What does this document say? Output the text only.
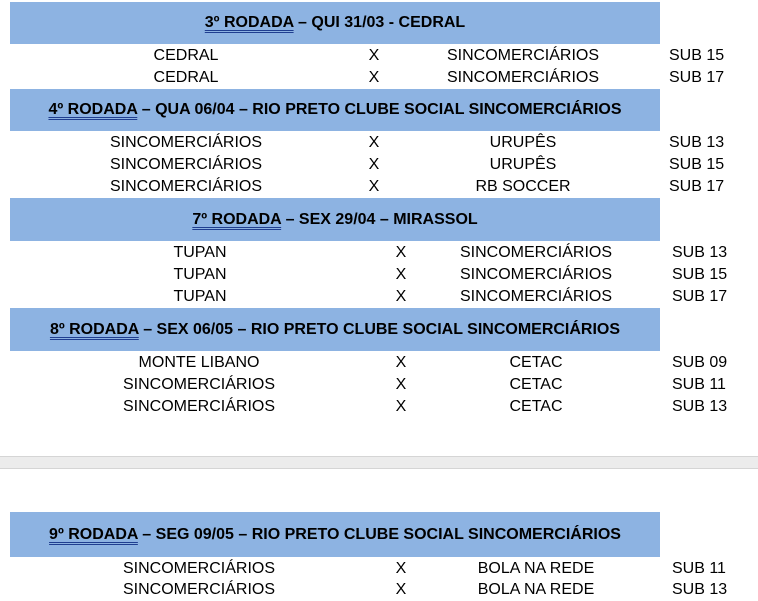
3º RODADA – QUI 31/03 - CEDRAL
CEDRAL	X	SINCOMERCIÁRIOS	SUB 15
CEDRAL	X	SINCOMERCIÁRIOS	SUB 17
4º RODADA – QUA 06/04 – RIO PRETO CLUBE SOCIAL SINCOMERCIÁRIOS
SINCOMERCIÁRIOS	X	URUPÊS	SUB 13
SINCOMERCIÁRIOS	X	URUPÊS	SUB 15
SINCOMERCIÁRIOS	X	RB SOCCER	SUB 17
7º RODADA – SEX 29/04 – MIRASSOL
TUPAN	X	SINCOMERCIÁRIOS	SUB 13
TUPAN	X	SINCOMERCIÁRIOS	SUB 15
TUPAN	X	SINCOMERCIÁRIOS	SUB 17
8º RODADA – SEX 06/05 – RIO PRETO CLUBE SOCIAL SINCOMERCIÁRIOS
MONTE LIBANO	X	CETAC	SUB 09
SINCOMERCIÁRIOS	X	CETAC	SUB 11
SINCOMERCIÁRIOS	X	CETAC	SUB 13
9º RODADA – SEG 09/05 – RIO PRETO CLUBE SOCIAL SINCOMERCIÁRIOS
SINCOMERCIÁRIOS	X	BOLA NA REDE	SUB 11
SINCOMERCIÁRIOS	X	BOLA NA REDE	SUB 13
